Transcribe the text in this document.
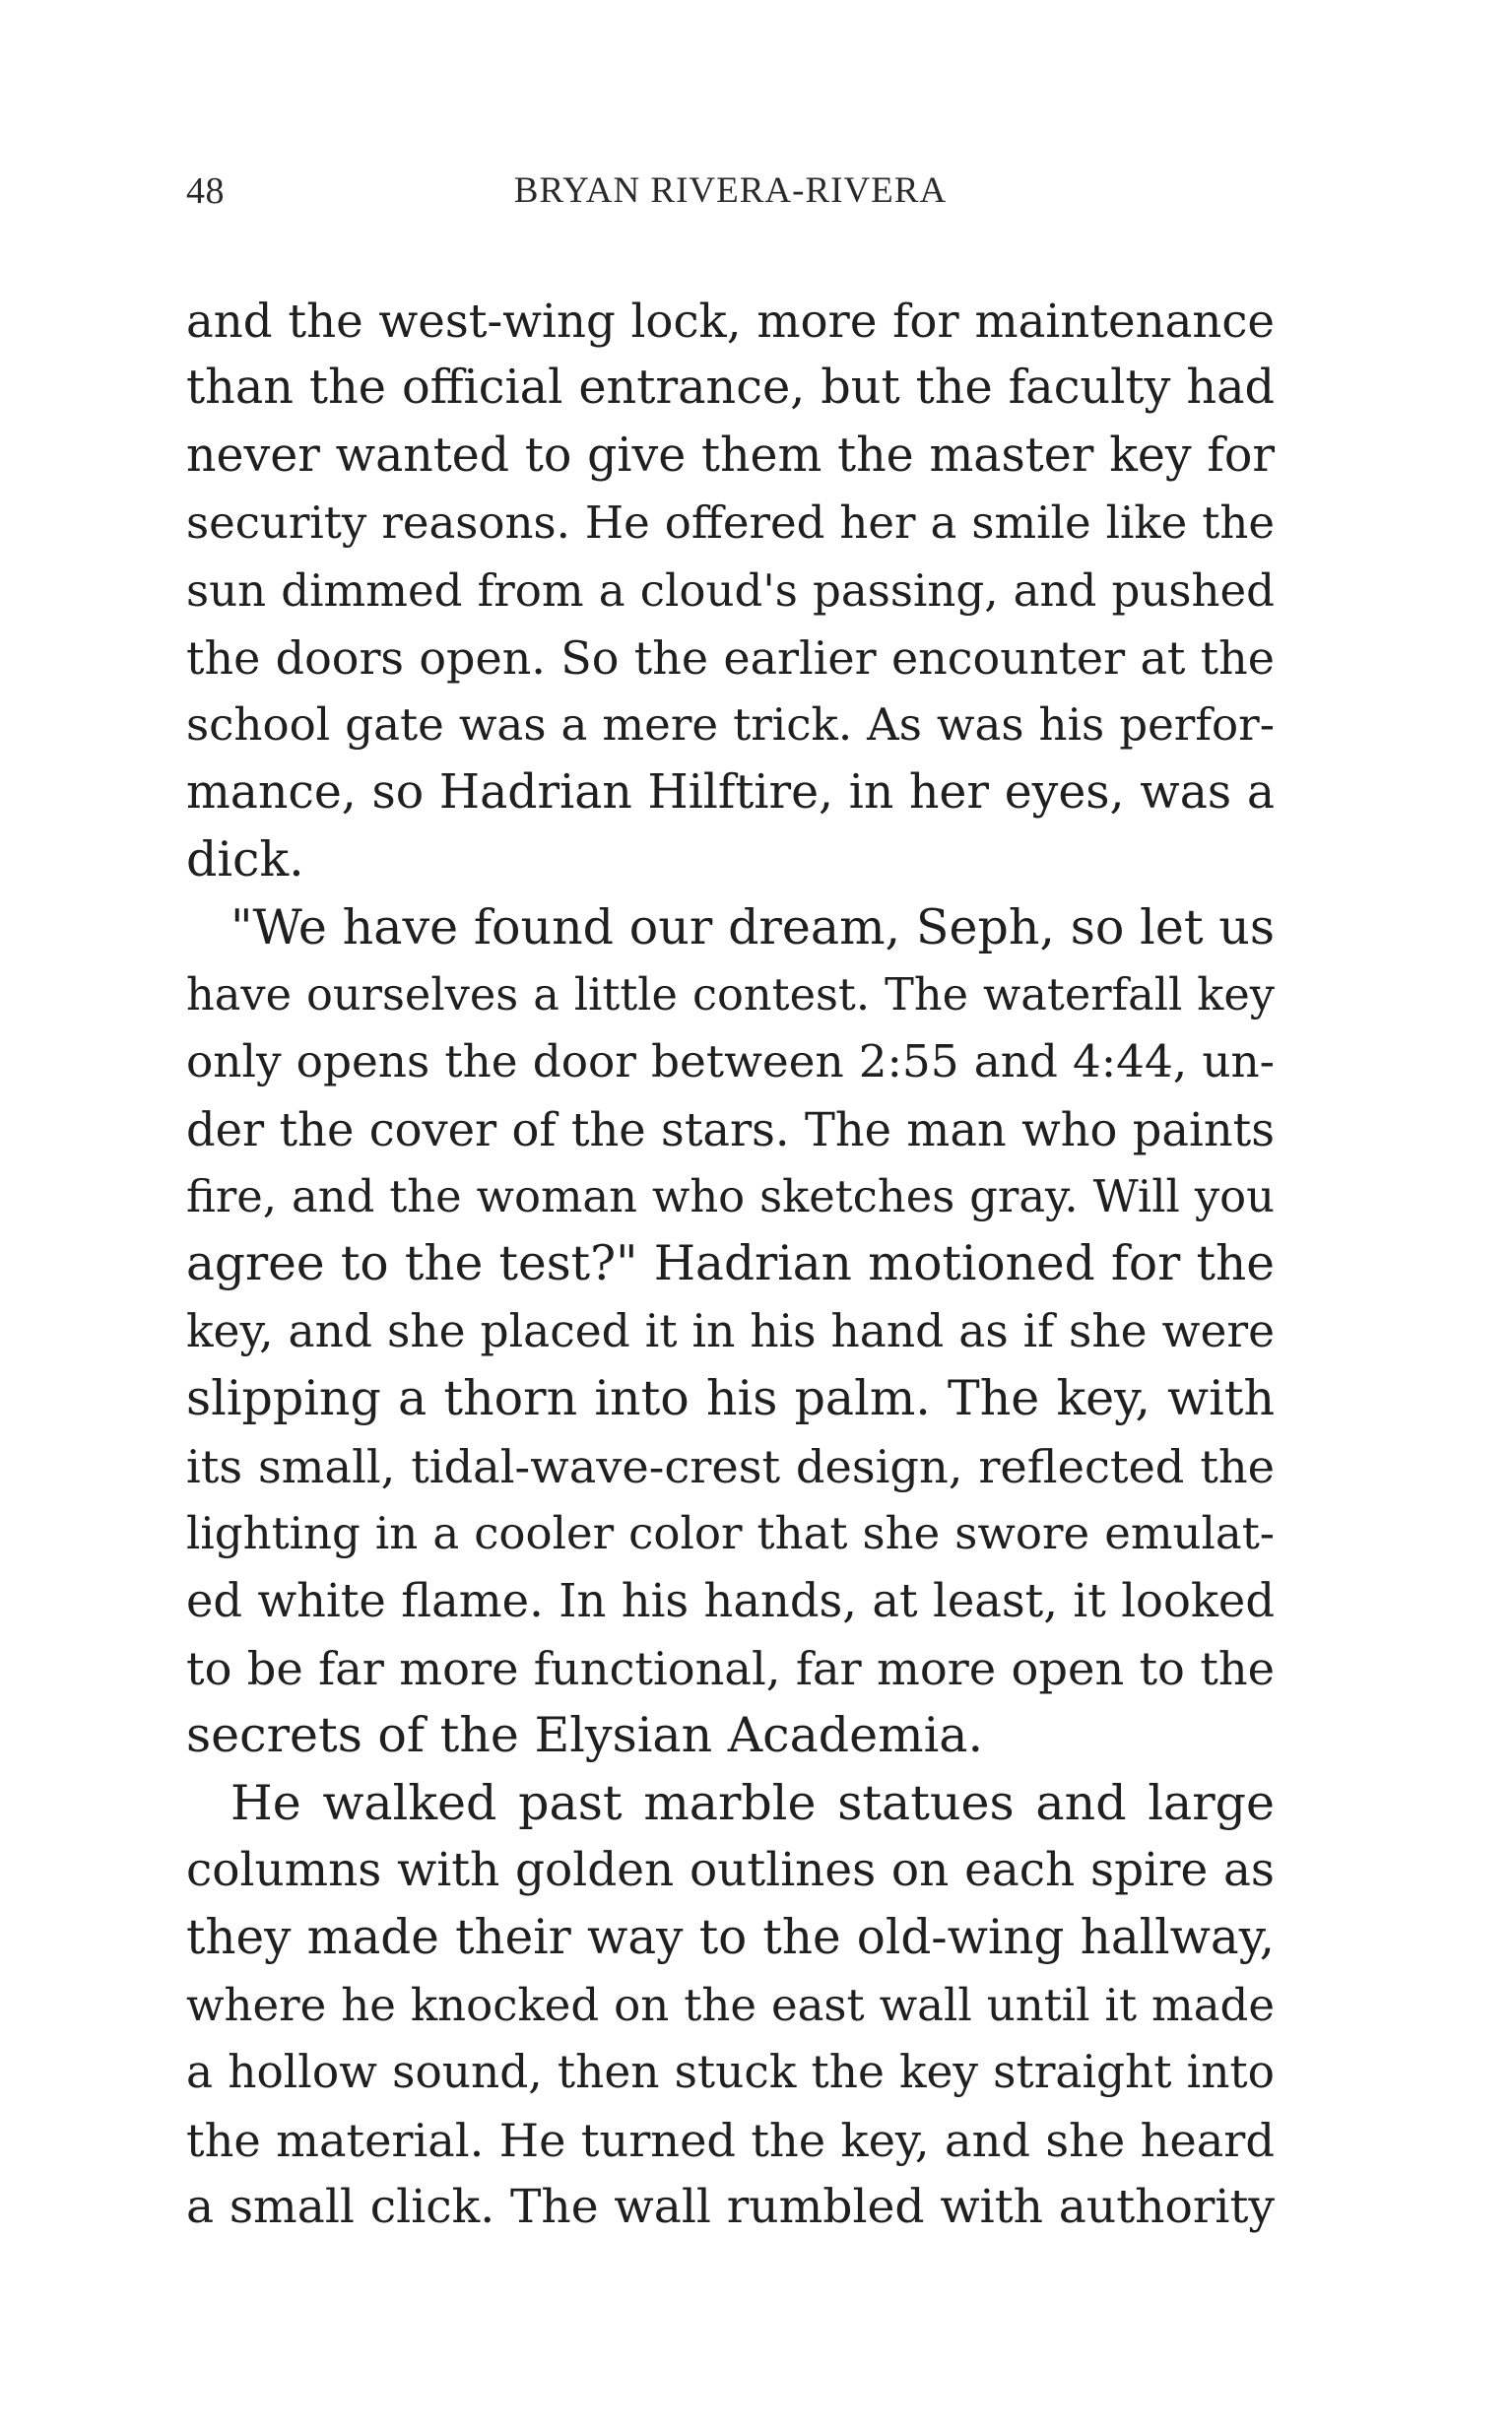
48	BRYAN RIVERA-RIVERA
and the west-wing lock, more for maintenance
than the official entrance, but the faculty had
never wanted to give them the master key for
security reasons. He offered her a smile like the
sun dimmed from a cloud's passing, and pushed
the doors open. So the earlier encounter at the
school gate was a mere trick. As was his perfor-
mance, so Hadrian Hilftire, in her eyes, was a
dick.
"We have found our dream, Seph, so let us
have ourselves a little contest. The waterfall key
only opens the door between 2:55 and 4:44, un-
der the cover of the stars. The man who paints
fire, and the woman who sketches gray. Will you
agree to the test?" Hadrian motioned for the
key, and she placed it in his hand as if she were
slipping a thorn into his palm. The key, with
its small, tidal-wave-crest design, reflected the
lighting in a cooler color that she swore emulat-
ed white flame. In his hands, at least, it looked
to be far more functional, far more open to the
secrets of the Elysian Academia.
He walked past marble statues and large
columns with golden outlines on each spire as
they made their way to the old-wing hallway,
where he knocked on the east wall until it made
a hollow sound, then stuck the key straight into
the material. He turned the key, and she heard
a small click. The wall rumbled with authority
